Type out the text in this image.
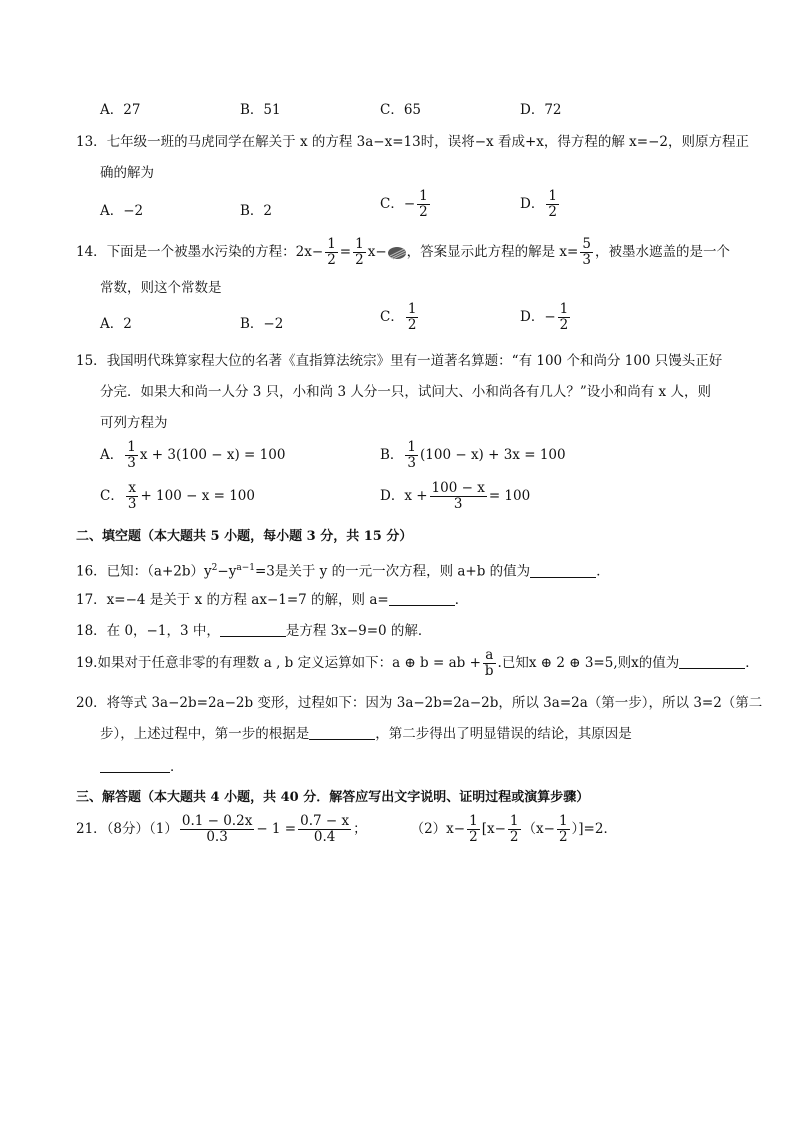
A．27	B．51	C．65	D．72
13．七年级一班的马虎同学在解关于 x 的方程 3a−x=13时，误将−x 看成+x，得方程的解 x=−2，则原方程正
确的解为
A．−2	B．2	C．− $\frac{1}{2}$	D． $\frac{1}{2}$
14．下面是一个被墨水污染的方程：$2x- \frac{1}{2} = \frac{1}{2} x-$ ，答案显示此方程的解是 $x= \frac{5}{3}$ ，被墨水遮盖的是一个
常数，则这个常数是
A．2	B．−2	C． $\frac{1}{2}$	D．− $\frac{1}{2}$
15．我国明代珠算家程大位的名著《直指算法统宗》里有一道著名算题：“有 100 个和尚分 100 只馒头正好
分完．如果大和尚一人分 3 只，小和尚 3 人分一只，试问大、小和尚各有几人？”设小和尚有 x 人，则
可列方程为
A． $\frac{1}{3}$ x + 3(100 − x) = 100	B． $\frac{1}{3} (100 - x) + 3x = 100$
C． $\frac{x}{3} + 100 - x = 100$	D．$x + \frac{100 - x}{3} = 100$
二、填空题（本大题共 5 小题，每小题 3 分，共 15 分）
16．已知：$(a+2b)y^2-y^{a-1}=3$是关于 y 的一元一次方程，则 a+b 的值为	．
17．x=−4 是关于 x 的方程 ax−1=7 的解，则 a=	．
18．在 0，−1，3 中，	是方程 3x−9=0 的解．
19.如果对于任意非零的有理数 a , b 定义运算如下：a ⊕ b = ab + $\frac{a}{b}$ .已知x ⊕ 2 ⊕ 3=5,则x的值为	．
20．将等式 3a−2b=2a−2b 变形，过程如下：因为 3a−2b=2a−2b，所以 3a=2a（第一步），所以 3=2（第二
步），上述过程中，第一步的根据是	，第二步得出了明显错误的结论，其原因是
．
三、解答题（本大题共 4 小题，共 40 分．解答应写出文字说明、证明过程或演算步骤）
21．（8分）$(1) \frac{0.1 - 0.2x}{0.3} - 1 = \frac{0.7 - x}{0.4}$ ；	$(2)x- \frac{1}{2} [x- \frac{1}{2} (x- \frac{1}{2} )]=2$．
